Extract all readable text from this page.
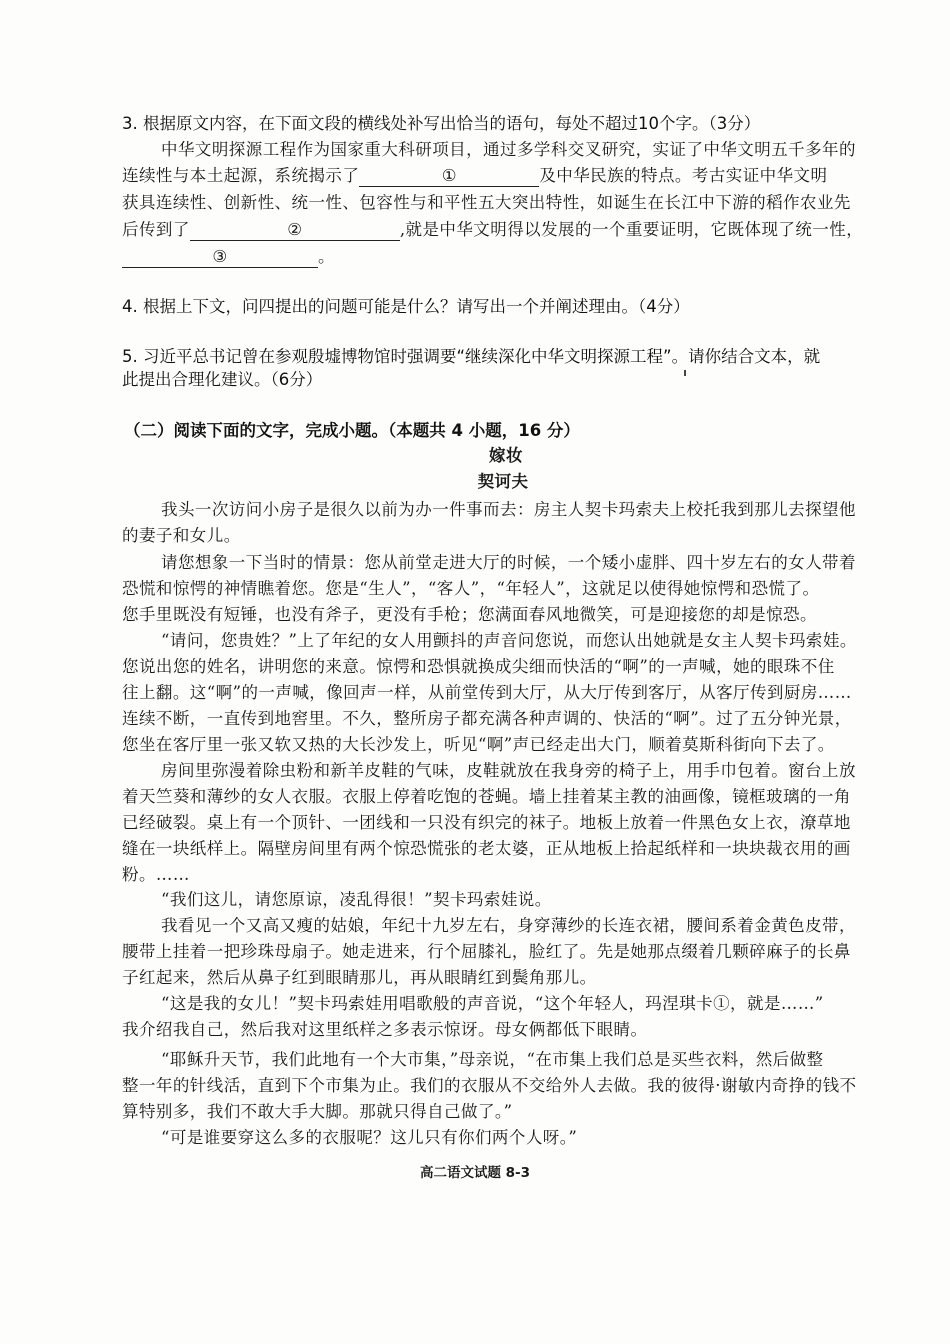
3. 根据原文内容，在下面文段的横线处补写出恰当的语句，每处不超过10个字。（3分）
中华文明探源工程作为国家重大科研项目，通过多学科交叉研究，实证了中华文明五千多年的
连续性与本土起源，系统揭示了	①	及中华民族的特点。考古实证中华文明
获具连续性、创新性、统一性、包容性与和平性五大突出特性，如诞生在长江中下游的稻作农业先
后传到了	②	,就是中华文明得以发展的一个重要证明，它既体现了统一性，
③	。
4. 根据上下文，问四提出的问题可能是什么？请写出一个并阐述理由。（4分）
5. 习近平总书记曾在参观殷墟博物馆时强调要“继续深化中华文明探源工程”。请你结合文本，就
此提出合理化建议。（6分）
（二）阅读下面的文字，完成小题。（本题共 4 小题，16 分）
嫁妆
契诃夫
我头一次访问小房子是很久以前为办一件事而去：房主人契卡玛索夫上校托我到那儿去探望他
的妻子和女儿。
请您想象一下当时的情景：您从前堂走进大厅的时候，一个矮小虚胖、四十岁左右的女人带着
恐慌和惊愕的神情瞧着您。您是“生人”，“客人”，“年轻人”，这就足以使得她惊愕和恐慌了。
您手里既没有短锤，也没有斧子，更没有手枪；您满面春风地微笑，可是迎接您的却是惊恐。
“请问，您贵姓？”上了年纪的女人用颤抖的声音问您说，而您认出她就是女主人契卡玛索娃。
您说出您的姓名，讲明您的来意。惊愕和恐惧就换成尖细而快活的“啊”的一声喊，她的眼珠不住
往上翻。这“啊”的一声喊，像回声一样，从前堂传到大厅，从大厅传到客厅，从客厅传到厨房……
连续不断，一直传到地窖里。不久，整所房子都充满各种声调的、快活的“啊”。过了五分钟光景，
您坐在客厅里一张又软又热的大长沙发上，听见“啊”声已经走出大门，顺着莫斯科街向下去了。
房间里弥漫着除虫粉和新羊皮鞋的气味，皮鞋就放在我身旁的椅子上，用手巾包着。窗台上放
着天竺葵和薄纱的女人衣服。衣服上停着吃饱的苍蝇。墙上挂着某主教的油画像，镜框玻璃的一角
已经破裂。桌上有一个顶针、一团线和一只没有织完的袜子。地板上放着一件黑色女上衣，潦草地
缝在一块纸样上。隔壁房间里有两个惊恐慌张的老太婆，正从地板上拾起纸样和一块块裁衣用的画
粉。……
“我们这儿，请您原谅，凌乱得很！”契卡玛索娃说。
我看见一个又高又瘦的姑娘，年纪十九岁左右，身穿薄纱的长连衣裙，腰间系着金黄色皮带，
腰带上挂着一把珍珠母扇子。她走进来，行个屈膝礼，脸红了。先是她那点缀着几颗碎麻子的长鼻
子红起来，然后从鼻子红到眼睛那儿，再从眼睛红到鬓角那儿。
“这是我的女儿！”契卡玛索娃用唱歌般的声音说，“这个年轻人，玛涅琪卡①，就是……”
我介绍我自己，然后我对这里纸样之多表示惊讶。母女俩都低下眼睛。
“耶稣升天节，我们此地有一个大市集，”母亲说，“在市集上我们总是买些衣料，然后做整
整一年的针线活，直到下个市集为止。我们的衣服从不交给外人去做。我的彼得·谢敏内奇挣的钱不
算特别多，我们不敢大手大脚。那就只得自己做了。”
“可是谁要穿这么多的衣服呢？这儿只有你们两个人呀。”
高二语文试题 8-3
